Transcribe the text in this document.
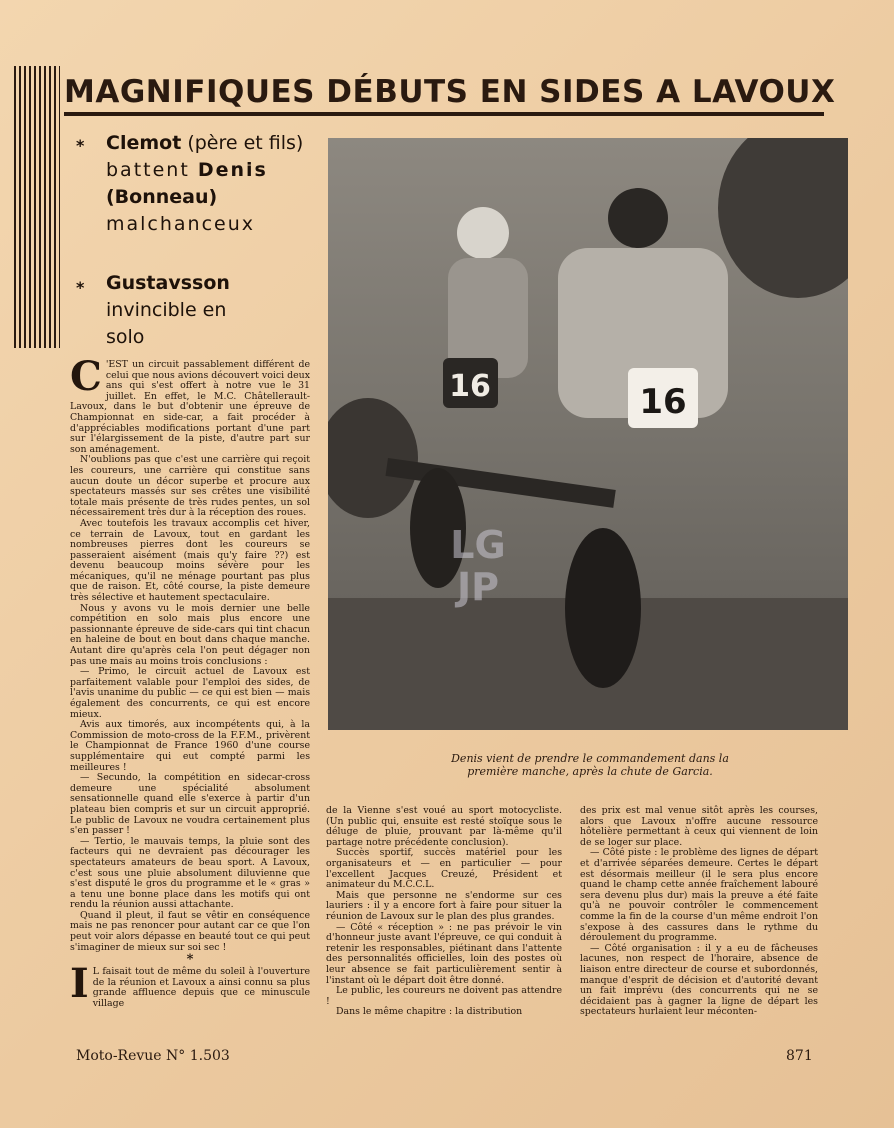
MAGNIFIQUES DÉBUTS EN SIDES A LAVOUX
* Clemot (père et fils)
battent Denis
(Bonneau)
malchanceux
* Gustavsson
invincible en
solo

C 'EST un circuit passablement différent de celui que nous avions découvert voici deux ans qui s'est offert à notre vue le 31 juillet. En effet, le M.C. Châtellerault-Lavoux, dans le but d'obtenir une épreuve de Championnat en side-car, a fait procéder à d'appréciables modifications portant d'une part sur l'élargissement de la piste, d'autre part sur son aménagement.

N'oublions pas que c'est une carrière qui reçoit les coureurs, une carrière qui constitue sans aucun doute un décor superbe et procure aux spectateurs massés sur ses crêtes une visibilité totale mais présente de très rudes pentes, un sol nécessairement très dur à la réception des roues.

Avec toutefois les travaux accomplis cet hiver, ce terrain de Lavoux, tout en gardant les nombreuses pierres dont les coureurs se passeraient aisément (mais qu'y faire ??) est devenu beaucoup moins sévère pour les mécaniques, qu'il ne ménage pourtant pas plus que de raison. Et, côté course, la piste demeure très sélective et hautement spectaculaire.

Nous y avons vu le mois dernier une belle compétition en solo mais plus encore une passionnante épreuve de side-cars qui tint chacun en haleine de bout en bout dans chaque manche. Autant dire qu'après cela l'on peut dégager non pas une mais au moins trois conclusions :

— Primo, le circuit actuel de Lavoux est parfaitement valable pour l'emploi des sides, de l'avis unanime du public — ce qui est bien — mais également des concurrents, ce qui est encore mieux.

Avis aux timorés, aux incompétents qui, à la Commission de moto-cross de la F.F.M., privèrent le Championnat de France 1960 d'une course supplémentaire qui eut compté parmi les meilleures !

— Secundo, la compétition en sidecar-cross demeure une spécialité absolument sensationnelle quand elle s'exerce à partir d'un plateau bien compris et sur un circuit approprié. Le public de Lavoux ne voudra certainement plus s'en passer !

— Tertio, le mauvais temps, la pluie sont des facteurs qui ne devraient pas décourager les spectateurs amateurs de beau sport. A Lavoux, c'est sous une pluie absolument diluvienne que s'est disputé le gros du programme et le « gras » a tenu une bonne place dans les motifs qui ont rendu la réunion aussi attachante.

Quand il pleut, il faut se vêtir en conséquence mais ne pas renoncer pour autant car ce que l'on peut voir alors dépasse en beauté tout ce qui peut s'imaginer de mieux sur soi sec !

*

I L faisait tout de même du soleil à l'ouverture de la réunion et Lavoux a ainsi connu sa plus grande affluence depuis que ce minuscule village

16
16
LG
JP
Denis vient de prendre le commandement dans la première manche, après la chute de Garcia.

de la Vienne s'est voué au sport motocycliste. (Un public qui, ensuite est resté stoïque sous le déluge de pluie, prouvant par là-même qu'il partage notre précédente conclusion).

Succès sportif, succès matériel pour les organisateurs et — en particulier — pour l'excellent Jacques Creuzé, Président et animateur du M.C.C.L.

Mais que personne ne s'endorme sur ces lauriers : il y a encore fort à faire pour situer la réunion de Lavoux sur le plan des plus grandes.

— Côté « réception » : ne pas prévoir le vin d'honneur juste avant l'épreuve, ce qui conduit à retenir les responsables, piétinant dans l'attente des personnalités officielles, loin des postes où leur absence se fait particulièrement sentir à l'instant où le départ doit être donné.

Le public, les coureurs ne doivent pas attendre !

Dans le même chapitre : la distribution

des prix est mal venue sitôt après les courses, alors que Lavoux n'offre aucune ressource hôtelière permettant à ceux qui viennent de loin de se loger sur place.

— Côté piste : le problème des lignes de départ et d'arrivée séparées demeure. Certes le départ est désormais meilleur (il le sera plus encore quand le champ cette année fraîchement labouré sera devenu plus dur) mais la preuve a été faite qu'à ne pouvoir contrôler le commencement comme la fin de la course d'un même endroit l'on s'expose à des cassures dans le rythme du déroulement du programme.

— Côté organisation : il y a eu de fâcheuses lacunes, non respect de l'horaire, absence de liaison entre directeur de course et subordonnés, manque d'esprit de décision et d'autorité devant un fait imprévu (des concurrents qui ne se décidaient pas à gagner la ligne de départ les spectateurs hurlaient leur méconten-

Moto-Revue N° 1.503	871
